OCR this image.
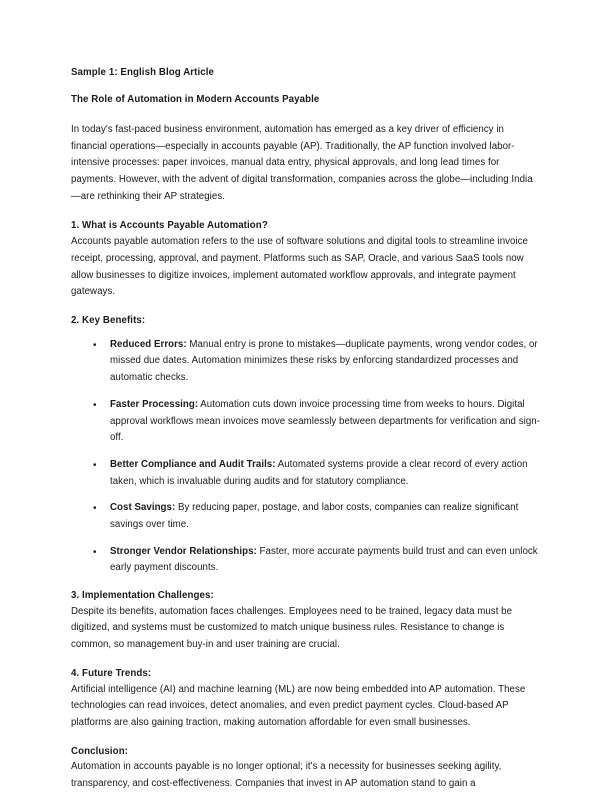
Sample 1: English Blog Article

The Role of Automation in Modern Accounts Payable

In today's fast-paced business environment, automation has emerged as a key driver of efficiency in financial operations—especially in accounts payable (AP). Traditionally, the AP function involved labor-intensive processes: paper invoices, manual data entry, physical approvals, and long lead times for payments. However, with the advent of digital transformation, companies across the globe—including India—are rethinking their AP strategies.

1. What is Accounts Payable Automation?

Accounts payable automation refers to the use of software solutions and digital tools to streamline invoice receipt, processing, approval, and payment. Platforms such as SAP, Oracle, and various SaaS tools now allow businesses to digitize invoices, implement automated workflow approvals, and integrate payment gateways.

2. Key Benefits:

• Reduced Errors: Manual entry is prone to mistakes—duplicate payments, wrong vendor codes, or missed due dates. Automation minimizes these risks by enforcing standardized processes and automatic checks.
• Faster Processing: Automation cuts down invoice processing time from weeks to hours. Digital approval workflows mean invoices move seamlessly between departments for verification and sign-off.
• Better Compliance and Audit Trails: Automated systems provide a clear record of every action taken, which is invaluable during audits and for statutory compliance.
• Cost Savings: By reducing paper, postage, and labor costs, companies can realize significant savings over time.
• Stronger Vendor Relationships: Faster, more accurate payments build trust and can even unlock early payment discounts.

3. Implementation Challenges:

Despite its benefits, automation faces challenges. Employees need to be trained, legacy data must be digitized, and systems must be customized to match unique business rules. Resistance to change is common, so management buy-in and user training are crucial.

4. Future Trends:

Artificial intelligence (AI) and machine learning (ML) are now being embedded into AP automation. These technologies can read invoices, detect anomalies, and even predict payment cycles. Cloud-based AP platforms are also gaining traction, making automation affordable for even small businesses.

Conclusion:

Automation in accounts payable is no longer optional; it's a necessity for businesses seeking agility, transparency, and cost-effectiveness. Companies that invest in AP automation stand to gain a
